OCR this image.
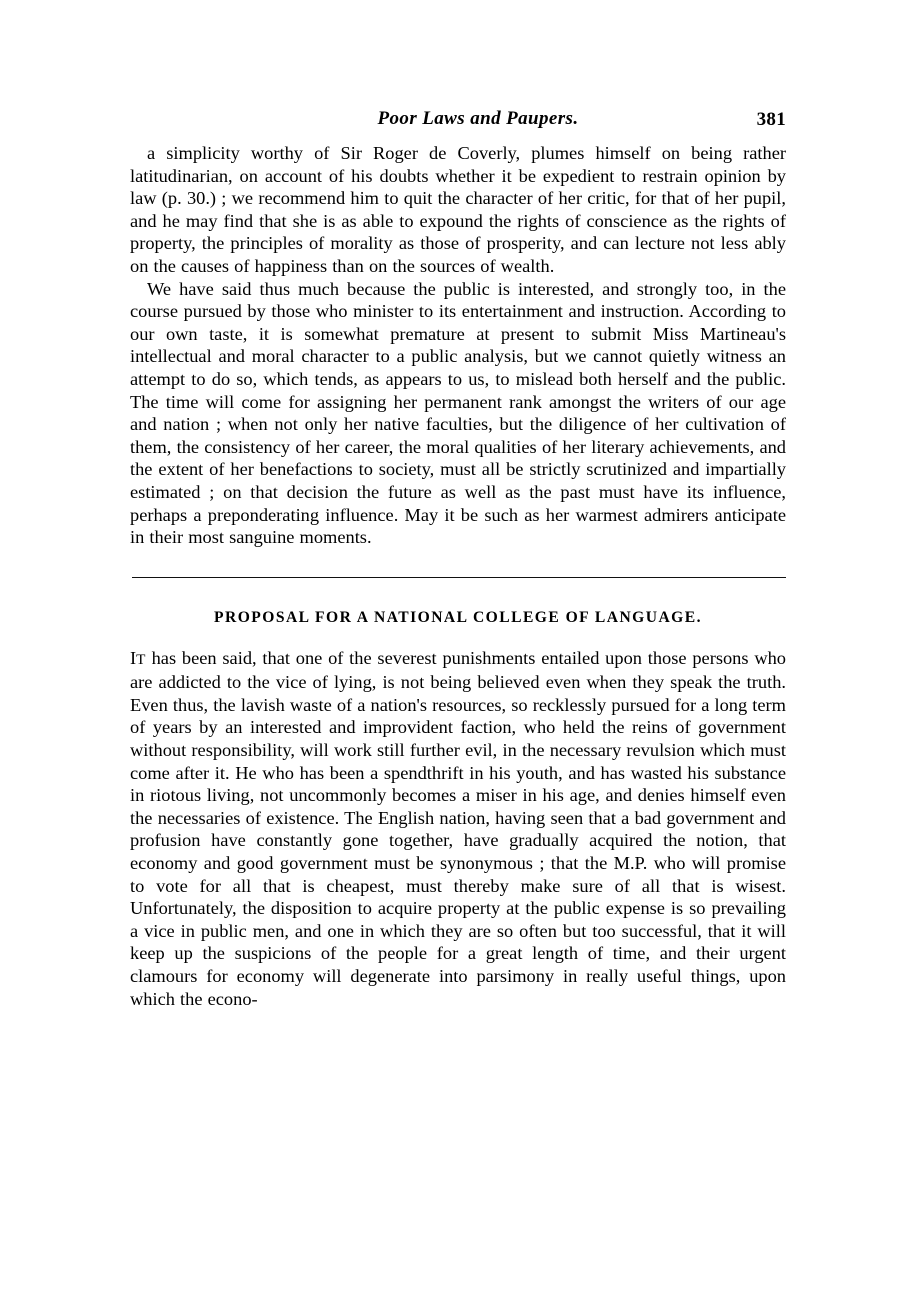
Poor Laws and Paupers.	381

a simplicity worthy of Sir Roger de Coverly, plumes himself on being rather latitudinarian, on account of his doubts whether it be expedient to restrain opinion by law (p. 30.) ; we recommend him to quit the character of her critic, for that of her pupil, and he may find that she is as able to expound the rights of conscience as the rights of property, the principles of morality as those of prosperity, and can lecture not less ably on the causes of happiness than on the sources of wealth.

We have said thus much because the public is interested, and strongly too, in the course pursued by those who minister to its entertainment and instruction. According to our own taste, it is somewhat premature at present to submit Miss Martineau's intellectual and moral character to a public analysis, but we cannot quietly witness an attempt to do so, which tends, as appears to us, to mislead both herself and the public. The time will come for assigning her permanent rank amongst the writers of our age and nation ; when not only her native faculties, but the diligence of her cultivation of them, the consistency of her career, the moral qualities of her literary achievements, and the extent of her benefactions to society, must all be strictly scrutinized and impartially estimated ; on that decision the future as well as the past must have its influence, perhaps a preponderating influence. May it be such as her warmest admirers anticipate in their most sanguine moments.

PROPOSAL FOR A NATIONAL COLLEGE OF LANGUAGE.

IT has been said, that one of the severest punishments entailed upon those persons who are addicted to the vice of lying, is not being believed even when they speak the truth. Even thus, the lavish waste of a nation's resources, so recklessly pursued for a long term of years by an interested and improvident faction, who held the reins of government without responsibility, will work still further evil, in the necessary revulsion which must come after it. He who has been a spendthrift in his youth, and has wasted his substance in riotous living, not uncommonly becomes a miser in his age, and denies himself even the necessaries of existence. The English nation, having seen that a bad government and profusion have constantly gone together, have gradually acquired the notion, that economy and good government must be synonymous ; that the M.P. who will promise to vote for all that is cheapest, must thereby make sure of all that is wisest. Unfortunately, the disposition to acquire property at the public expense is so prevailing a vice in public men, and one in which they are so often but too successful, that it will keep up the suspicions of the people for a great length of time, and their urgent clamours for economy will degenerate into parsimony in really useful things, upon which the econo-
